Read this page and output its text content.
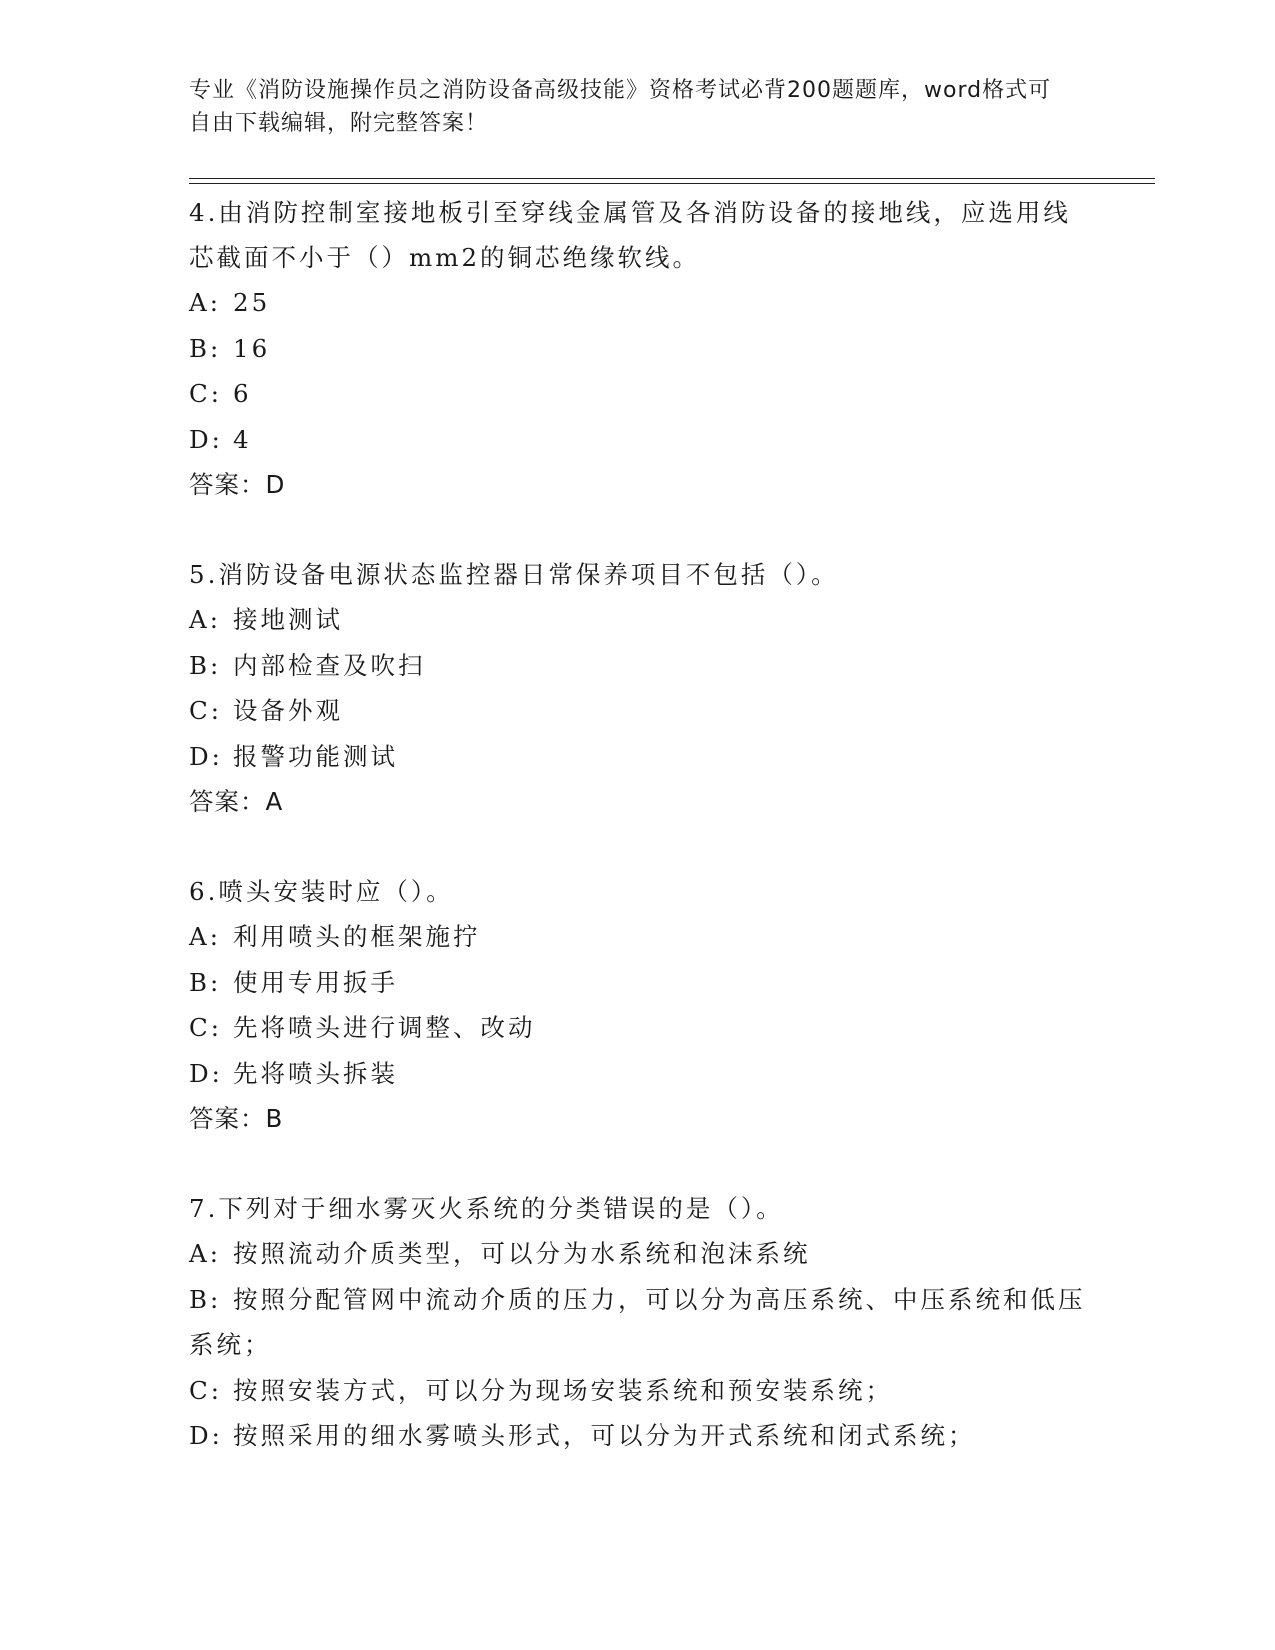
专业《消防设施操作员之消防设备高级技能》资格考试必背200题题库，word格式可自由下载编辑，附完整答案！

4.由消防控制室接地板引至穿线金属管及各消防设备的接地线，应选用线芯截面不小于（）mm2的铜芯绝缘软线。

A: 25

B: 16

C: 6

D: 4

答案：D

5.消防设备电源状态监控器日常保养项目不包括（）。

A: 接地测试

B: 内部检查及吹扫

C: 设备外观

D: 报警功能测试

答案：A

6.喷头安装时应（）。

A: 利用喷头的框架施拧

B: 使用专用扳手

C: 先将喷头进行调整、改动

D: 先将喷头拆装

答案：B

7.下列对于细水雾灭火系统的分类错误的是（）。

A: 按照流动介质类型，可以分为水系统和泡沫系统

B: 按照分配管网中流动介质的压力，可以分为高压系统、中压系统和低压系统；

C: 按照安装方式，可以分为现场安装系统和预安装系统；

D: 按照采用的细水雾喷头形式，可以分为开式系统和闭式系统；
